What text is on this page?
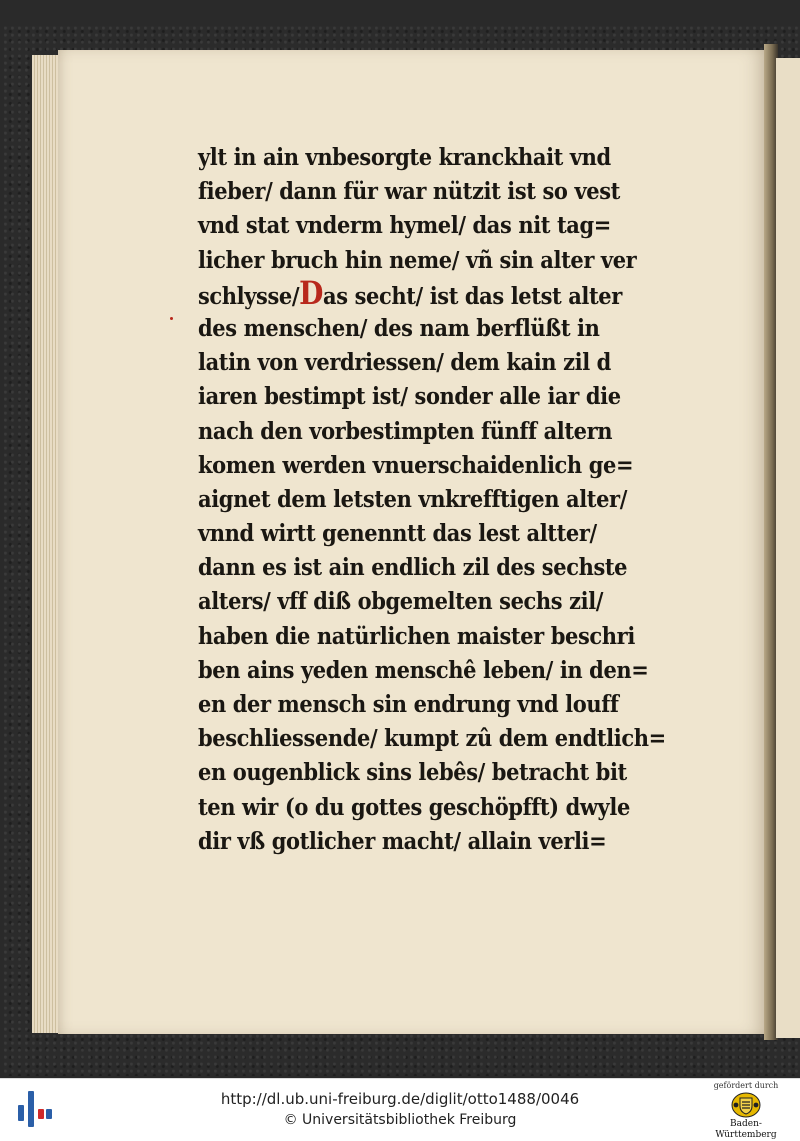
ylt in ain vnbesorgte kranckhait vnd
fieber/ dann für war nützit ist so vest
vnd stat vnderm hymel/ das nit tag=
licher bruch hin neme/ vñ sin alter ver
schlysse/Das secht/ ist das letst alter
des menschen/ des nam berflüßt in
latin von verdriessen/ dem kain zil d
iaren bestimpt ist/ sonder alle iar die
nach den vorbestimpten fünff altern
komen werden vnuerschaidenlich ge=
aignet dem letsten vnkrefftigen alter/
vnnd wirtt genenntt das lest altter/
dann es ist ain endlich zil des sechste
alters/ vff diß obgemelten sechs zil/
haben die natürlichen maister beschri
ben ains yeden menschê leben/ in den=
en der mensch sin endrung vnd louff
beschliessende/ kumpt zû dem endtlich=
en ougenblick sins lebês/ betracht bit
ten wir (o du gottes geschöpfft) dwyle
dir vß gotlicher macht/ allain verli=
http://dl.ub.uni-freiburg.de/diglit/otto1488/0046
© Universitätsbibliothek Freiburg
gefördert durch
Baden-Württemberg
